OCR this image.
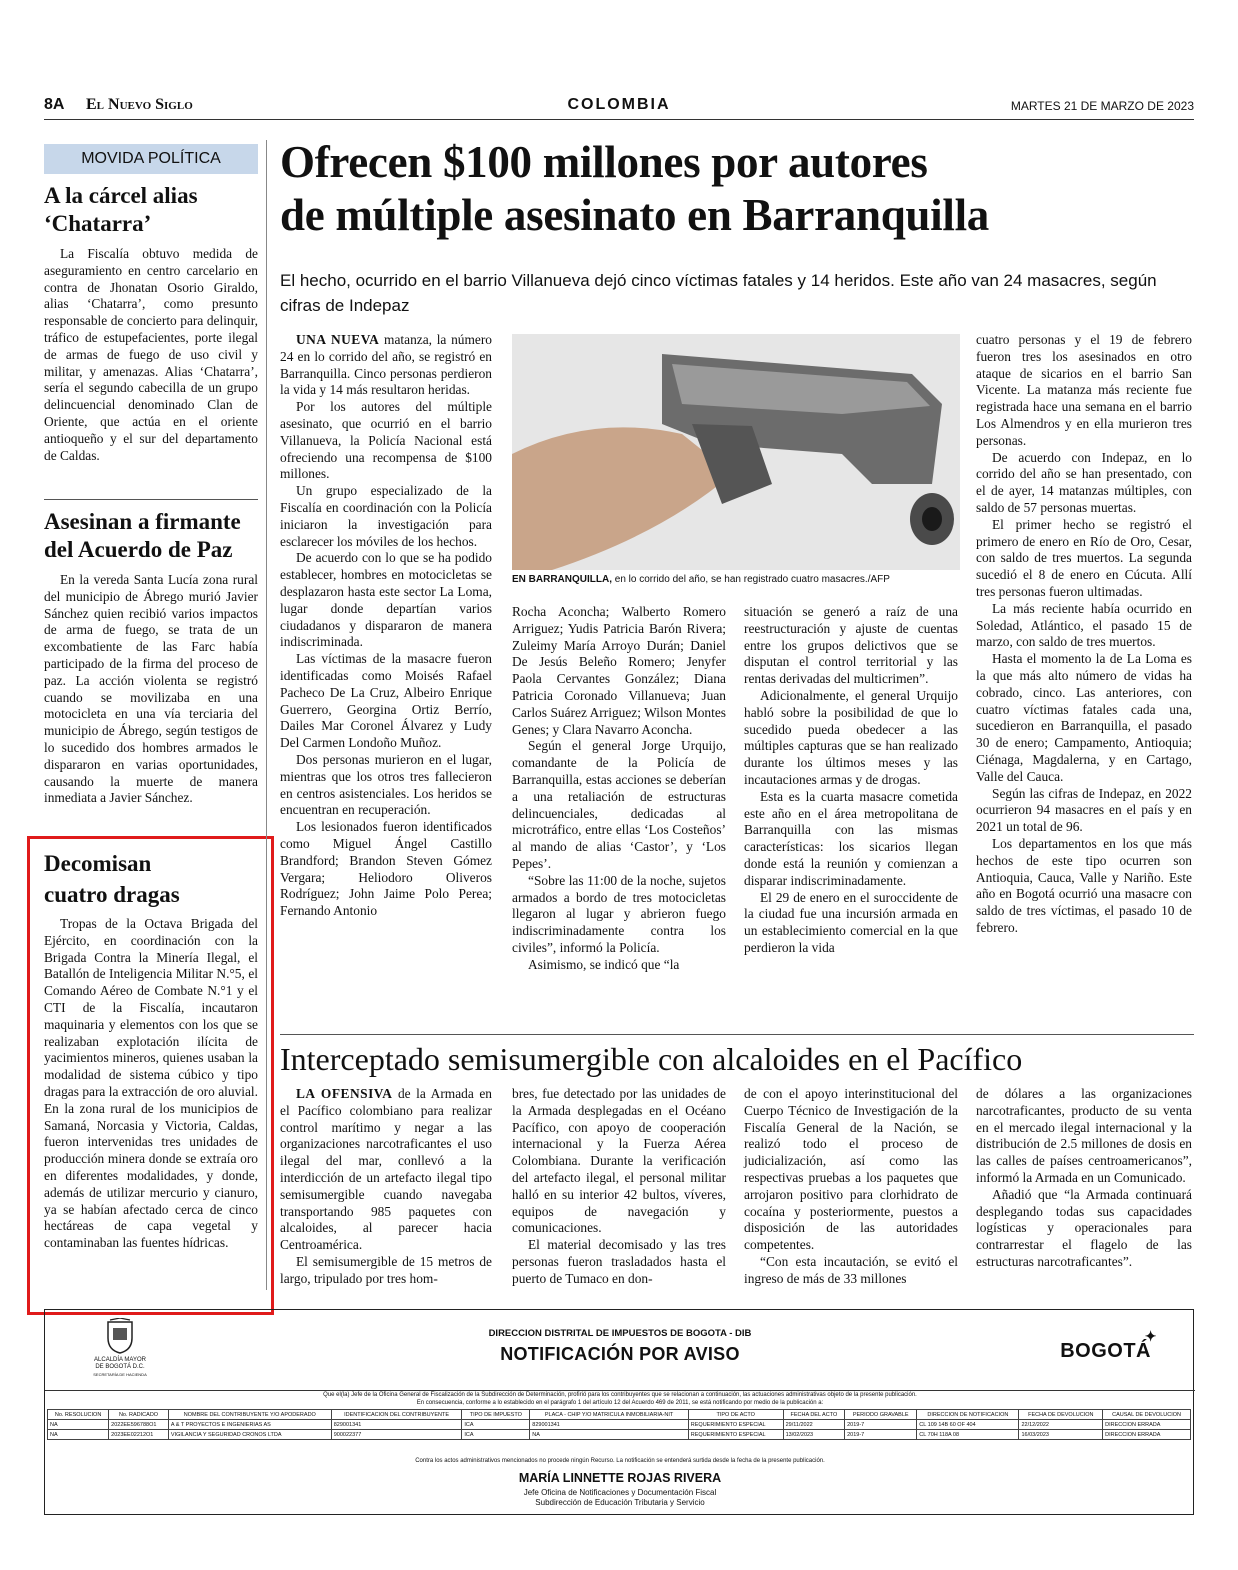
8A El Nuevo Siglo	COLOMBIA	MARTES 21 DE MARZO DE 2023
MOVIDA POLÍTICA
A la cárcel alias
‘Chatarra’

La Fiscalía obtuvo medida de aseguramiento en centro carcelario en contra de Jhonatan Osorio Giraldo, alias ‘Chatarra’, como presunto responsable de concierto para delinquir, tráfico de estupefacientes, porte ilegal de armas de fuego de uso civil y militar, y amenazas. Alias ‘Chatarra’, sería el segundo cabecilla de un grupo delincuencial denominado Clan de Oriente, que actúa en el oriente antioqueño y el sur del departamento de Caldas.

Asesinan a firmante
del Acuerdo de Paz

En la vereda Santa Lucía zona rural del municipio de Ábrego murió Javier Sánchez quien recibió varios impactos de arma de fuego, se trata de un excombatiente de las Farc había participado de la firma del proceso de paz. La acción violenta se registró cuando se movilizaba en una motocicleta en una vía terciaria del municipio de Ábrego, según testigos de lo sucedido dos hombres armados le dispararon en varias oportunidades, causando la muerte de manera inmediata a Javier Sánchez.

Decomisan
cuatro dragas

Tropas de la Octava Brigada del Ejército, en coordinación con la Brigada Contra la Minería Ilegal, el Batallón de Inteligencia Militar N.°5, el Comando Aéreo de Combate N.°1 y el CTI de la Fiscalía, incautaron maquinaria y elementos con los que se realizaban explotación ilícita de yacimientos mineros, quienes usaban la modalidad de sistema cúbico y tipo dragas para la extracción de oro aluvial. En la zona rural de los municipios de Samaná, Norcasia y Victoria, Caldas, fueron intervenidas tres unidades de producción minera donde se extraía oro en diferentes modalidades, y donde, además de utilizar mercurio y cianuro, ya se habían afectado cerca de cinco hectáreas de capa vegetal y contaminaban las fuentes hídricas.

Ofrecen $100 millones por autores
de múltiple asesinato en Barranquilla
El hecho, ocurrido en el barrio Villanueva dejó cinco víctimas fatales y 14 heridos. Este año van 24 masacres, según cifras de Indepaz

UNA NUEVA matanza, la número 24 en lo corrido del año, se registró en Barranquilla. Cinco personas perdieron la vida y 14 más resultaron heridas.

Por los autores del múltiple asesinato, que ocurrió en el barrio Villanueva, la Policía Nacional está ofreciendo una recompensa de $100 millones.

Un grupo especializado de la Fiscalía en coordinación con la Policía iniciaron la investigación para esclarecer los móviles de los hechos.

De acuerdo con lo que se ha podido establecer, hombres en motocicletas se desplazaron hasta este sector La Loma, lugar donde departían varios ciudadanos y dispararon de manera indiscriminada.

Las víctimas de la masacre fueron identificadas como Moisés Rafael Pacheco De La Cruz, Albeiro Enrique Guerrero, Georgina Ortiz Berrío, Dailes Mar Coronel Álvarez y Ludy Del Carmen Londoño Muñoz.

Dos personas murieron en el lugar, mientras que los otros tres fallecieron en centros asistenciales. Los heridos se encuentran en recuperación.

Los lesionados fueron identificados como Miguel Ángel Castillo Brandford; Brandon Steven Gómez Vergara; Heliodoro Oliveros Rodríguez; John Jaime Polo Perea; Fernando Antonio

EN BARRANQUILLA, en lo corrido del año, se han registrado cuatro masacres./AFP

Rocha Aconcha; Walberto Romero Arriguez; Yudis Patricia Barón Rivera; Zuleimy María Arroyo Durán; Daniel De Jesús Beleño Romero; Jenyfer Paola Cervantes González; Diana Patricia Coronado Villanueva; Juan Carlos Suárez Arriguez; Wilson Montes Genes; y Clara Navarro Aconcha.

Según el general Jorge Urquijo, comandante de la Policía de Barranquilla, estas acciones se deberían a una retaliación de estructuras delincuenciales, dedicadas al microtráfico, entre ellas ‘Los Costeños’ al mando de alias ‘Castor’, y ‘Los Pepes’.

“Sobre las 11:00 de la noche, sujetos armados a bordo de tres motocicletas llegaron al lugar y abrieron fuego indiscriminadamente contra los civiles”, informó la Policía.

Asimismo, se indicó que “la

situación se generó a raíz de una reestructuración y ajuste de cuentas entre los grupos delictivos que se disputan el control territorial y las rentas derivadas del multicrimen”.

Adicionalmente, el general Urquijo habló sobre la posibilidad de que lo sucedido pueda obedecer a las múltiples capturas que se han realizado durante los últimos meses y las incautaciones armas y de drogas.

Esta es la cuarta masacre cometida este año en el área metropolitana de Barranquilla con las mismas características: los sicarios llegan donde está la reunión y comienzan a disparar indiscriminadamente.

El 29 de enero en el suroccidente de la ciudad fue una incursión armada en un establecimiento comercial en la que perdieron la vida

cuatro personas y el 19 de febrero fueron tres los asesinados en otro ataque de sicarios en el barrio San Vicente. La matanza más reciente fue registrada hace una semana en el barrio Los Almendros y en ella murieron tres personas.

De acuerdo con Indepaz, en lo corrido del año se han presentado, con el de ayer, 14 matanzas múltiples, con saldo de 57 personas muertas.

El primer hecho se registró el primero de enero en Río de Oro, Cesar, con saldo de tres muertos. La segunda sucedió el 8 de enero en Cúcuta. Allí tres personas fueron ultimadas.

La más reciente había ocurrido en Soledad, Atlántico, el pasado 15 de marzo, con saldo de tres muertos.

Hasta el momento la de La Loma es la que más alto número de vidas ha cobrado, cinco. Las anteriores, con cuatro víctimas fatales cada una, sucedieron en Barranquilla, el pasado 30 de enero; Campamento, Antioquia; Ciénaga, Magdalerna, y en Cartago, Valle del Cauca.

Según las cifras de Indepaz, en 2022 ocurrieron 94 masacres en el país y en 2021 un total de 96.

Los departamentos en los que más hechos de este tipo ocurren son Antioquia, Cauca, Valle y Nariño. Este año en Bogotá ocurrió una masacre con saldo de tres víctimas, el pasado 10 de febrero.

Interceptado semisumergible con alcaloides en el Pacífico

LA OFENSIVA de la Armada en el Pacífico colombiano para realizar control marítimo y negar a las organizaciones narcotraficantes el uso ilegal del mar, conllevó a la interdicción de un artefacto ilegal tipo semisumergible cuando navegaba transportando 985 paquetes con alcaloides, al parecer hacia Centroamérica.

El semisumergible de 15 metros de largo, tripulado por tres hom-

bres, fue detectado por las unidades de la Armada desplegadas en el Océano Pacífico, con apoyo de cooperación internacional y la Fuerza Aérea Colombiana. Durante la verificación del artefacto ilegal, el personal militar halló en su interior 42 bultos, víveres, equipos de navegación y comunicaciones.

El material decomisado y las tres personas fueron trasladados hasta el puerto de Tumaco en don-

de con el apoyo interinstitucional del Cuerpo Técnico de Investigación de la Fiscalía General de la Nación, se realizó todo el proceso de judicialización, así como las respectivas pruebas a los paquetes que arrojaron positivo para clorhidrato de cocaína y posteriormente, puestos a disposición de las autoridades competentes.

“Con esta incautación, se evitó el ingreso de más de 33 millones

de dólares a las organizaciones narcotraficantes, producto de su venta en el mercado ilegal internacional y la distribución de 2.5 millones de dosis en las calles de países centroamericanos”, informó la Armada en un Comunicado.

Añadió que “la Armada continuará desplegando todas sus capacidades logísticas y operacionales para contrarrestar el flagelo de las estructuras narcotraficantes”.

ALCALDÍA MAYOR
DE BOGOTÁ D.C.
SECRETARÍA DE HACIENDA
DIRECCION DISTRITAL DE IMPUESTOS DE BOGOTA - DIB
NOTIFICACIÓN POR AVISO	BOGOTÁ
✦
Que el(la) Jefe de la Oficina General de Fiscalización de la Subdirección de Determinación, profirió para los contribuyentes que se relacionan a continuación, las actuaciones administrativas objeto de la presente publicación.
En consecuencia, conforme a lo establecido en el parágrafo 1 del artículo 12 del Acuerdo 469 de 2011, se está notificando por medio de la publicación a:
No. RESOLUCION	No. RADICADO	NOMBRE DEL CONTRIBUYENTE Y/O APODERADO	IDENTIFICACION DEL CONTRIBUYENTE	TIPO DE IMPUESTO	PLACA - CHIP Y/O MATRICULA INMOBILIARIA-NIT	TIPO DE ACTO	FECHA DEL ACTO	PERIODO GRAVABLE	DIRECCION DE NOTIFICACION	FECHA DE DEVOLUCION	CAUSAL DE DEVOLUCION
NA	2022EE596788O1	A & T PROYECTOS E INGENIERIAS AS	829001341	ICA	829001341	REQUERIMIENTO ESPECIAL	29/11/2022	2019-7	CL 109 14B 60 OF 404	22/12/2022	DIRECCION ERRADA
NA	2023EE02212O1	VIGILANCIA Y SEGURIDAD CRONOS LTDA	900022377	ICA	NA	REQUERIMIENTO ESPECIAL	13/02/2023	2019-7	CL 70H 118A 08	16/03/2023	DIRECCION ERRADA
Contra los actos administrativos mencionados no procede ningún Recurso. La notificación se entenderá surtida desde la fecha de la presente publicación.
MARÍA LINNETTE ROJAS RIVERA
Jefe Oficina de Notificaciones y Documentación Fiscal
Subdirección de Educación Tributaria y Servicio
